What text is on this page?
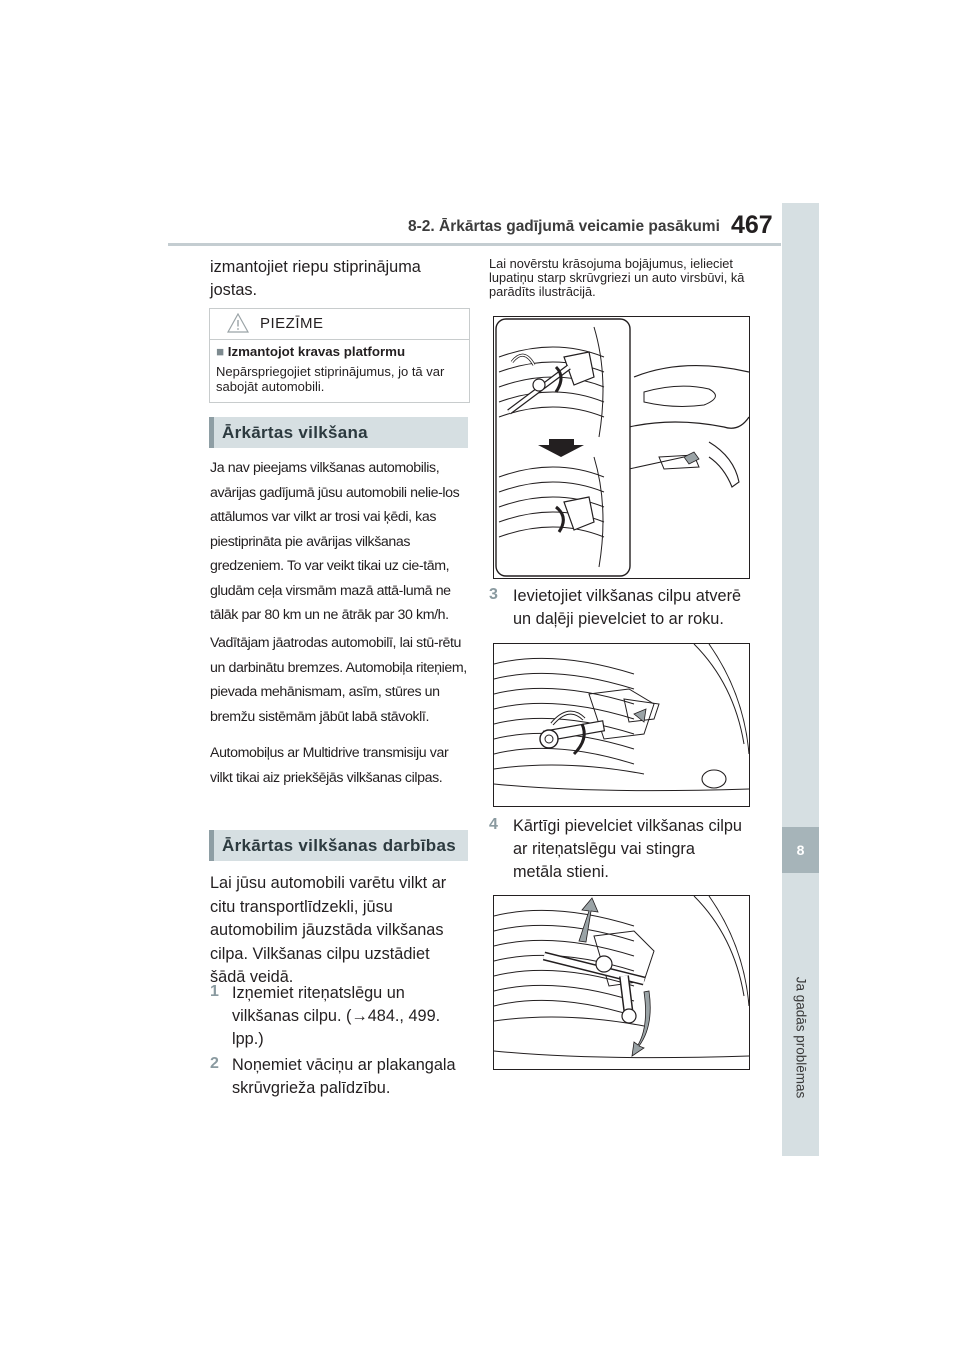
8-2. Ārkārtas gadījumā veicamie pasākumi 467
8
Ja gadās problēmas
izmantojiet riepu stiprinājuma jostas.
PIEZĪME
■ Izmantojot kravas platformu
Nepārspriegojiet stiprinājumus, jo tā var sabojāt automobili.
Ārkārtas vilkšana
Ja nav pieejams vilkšanas automobilis, avārijas gadījumā jūsu automobili nelie-los attālumos var vilkt ar trosi vai ķēdi, kas piestiprināta pie avārijas vilkšanas gredzeniem. To var veikt tikai uz cie-tām, gludām ceļa virsmām mazā attā-lumā ne tālāk par 80 km un ne ātrāk par 30 km/h.
Vadītājam jāatrodas automobilī, lai stū-rētu un darbinātu bremzes. Automobiļa riteņiem, pievada mehānismam, asīm, stūres un bremžu sistēmām jābūt labā stāvoklī.
Automobiļus ar Multidrive transmisiju var vilkt tikai aiz priekšējās vilkšanas cilpas.
Ārkārtas vilkšanas darbības
Lai jūsu automobili varētu vilkt ar citu transportlīdzekli, jūsu automobilim jāuzstāda vilkšanas cilpa. Vilkšanas cilpu uzstādiet šādā veidā.
1 Izņemiet riteņatslēgu un vilkšanas cilpu. (→484., 499. lpp.)
2 Noņemiet vāciņu ar plakangala skrūvgrieža palīdzību.
Lai novērstu krāsojuma bojājumus, ielieciet lupatiņu starp skrūvgriezi un auto virsbūvi, kā parādīts ilustrācijā.
3 Ievietojiet vilkšanas cilpu atverē un daļēji pievelciet to ar roku.
4 Kārtīgi pievelciet vilkšanas cilpu ar riteņatslēgu vai stingra metāla stieni.
